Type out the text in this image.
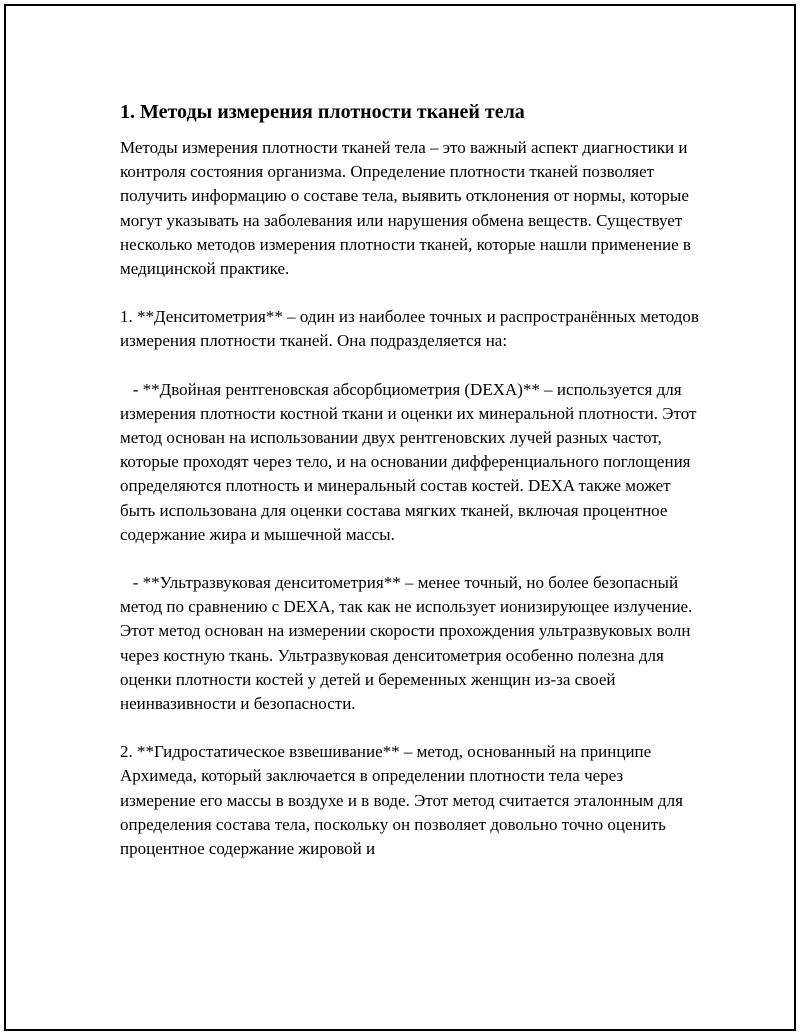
1. Методы измерения плотности тканей тела

Методы измерения плотности тканей тела – это важный аспект диагностики и контроля состояния организма. Определение плотности тканей позволяет получить информацию о составе тела, выявить отклонения от нормы, которые могут указывать на заболевания или нарушения обмена веществ. Существует несколько методов измерения плотности тканей, которые нашли применение в медицинской практике.

1. **Денситометрия** – один из наиболее точных и распространённых методов измерения плотности тканей. Она подразделяется на:

- **Двойная рентгеновская абсорбциометрия (DEXA)** – используется для измерения плотности костной ткани и оценки их минеральной плотности. Этот метод основан на использовании двух рентгеновских лучей разных частот, которые проходят через тело, и на основании дифференциального поглощения определяются плотность и минеральный состав костей. DEXA также может быть использована для оценки состава мягких тканей, включая процентное содержание жира и мышечной массы.

- **Ультразвуковая денситометрия** – менее точный, но более безопасный метод по сравнению с DEXA, так как не использует ионизирующее излучение. Этот метод основан на измерении скорости прохождения ультразвуковых волн через костную ткань. Ультразвуковая денситометрия особенно полезна для оценки плотности костей у детей и беременных женщин из-за своей неинвазивности и безопасности.

2. **Гидростатическое взвешивание** – метод, основанный на принципе Архимеда, который заключается в определении плотности тела через измерение его массы в воздухе и в воде. Этот метод считается эталонным для определения состава тела, поскольку он позволяет довольно точно оценить процентное содержание жировой и
